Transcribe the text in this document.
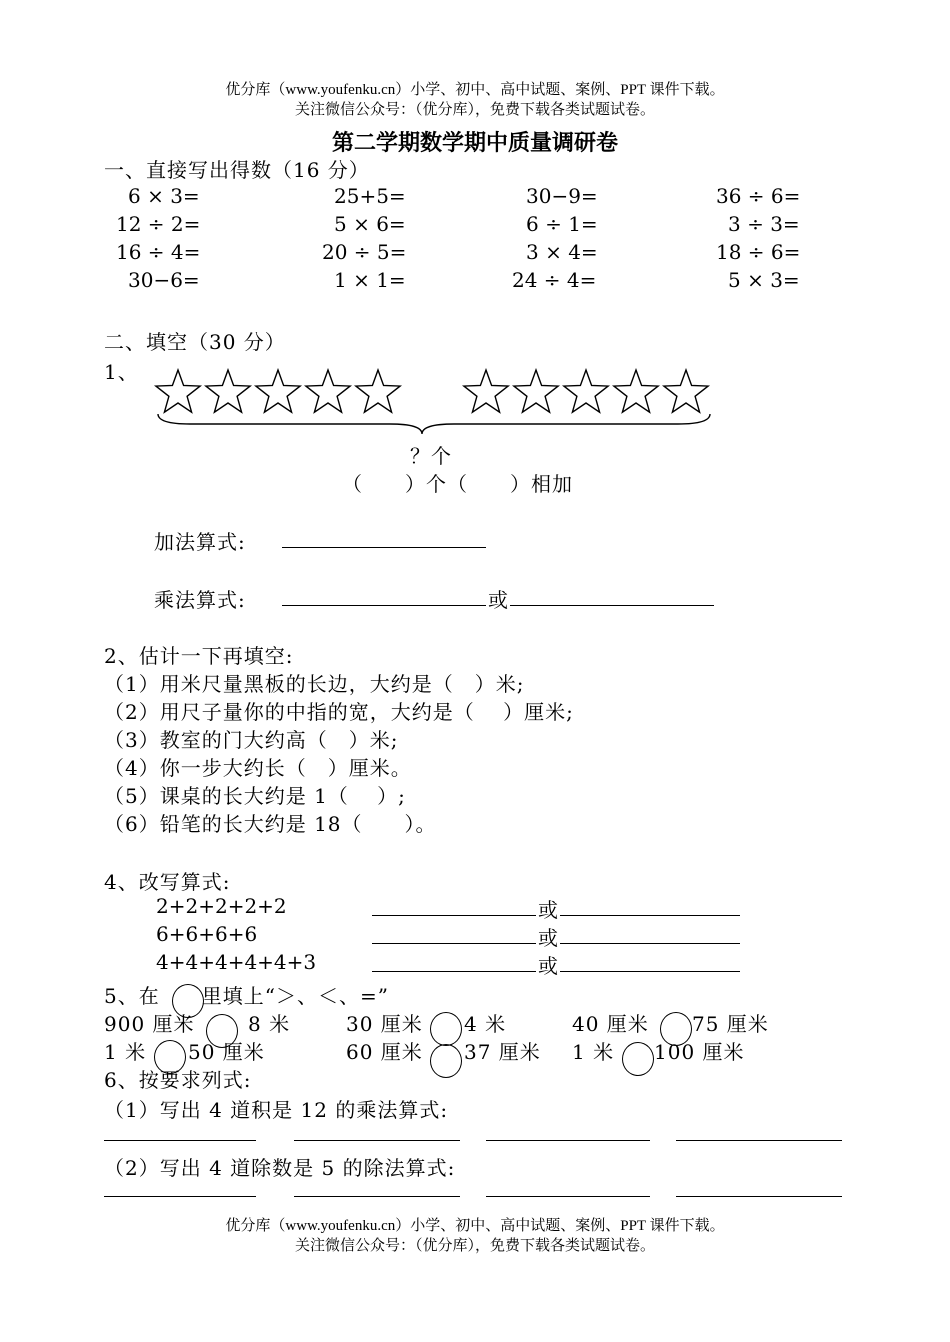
优分库（www.youfenku.cn）小学、初中、高中试题、案例、PPT 课件下载。
关注微信公众号：（优分库），免费下载各类试题试卷。
第二学期数学期中质量调研卷
一、直接写出得数（16 分）
6 × 3=	25+5=	30−9=	36 ÷ 6=
12 ÷ 2=	5 × 6=	6 ÷ 1=	3 ÷ 3=
16 ÷ 4=	20 ÷ 5=	3 × 4=	18 ÷ 6=
30−6=	1 × 1=	24 ÷ 4=	5 × 3=
二、填空（30 分）
1、
？个
（　　）个（　　）相加
加法算式:
乘法算式:	或
2、估计一下再填空:
（1）用米尺量黑板的长边，大约是（　）米;
（2）用尺子量你的中指的宽，大约是（　 ）厘米;
（3）教室的门大约高（　）米;
（4）你一步大约长（　）厘米。
（5）课桌的长大约是 1（　 ）;
（6）铅笔的长大约是 18（　　）。
4、改写算式:
2+2+2+2+2	或
6+6+6+6	或
4+4+4+4+4+3	或
5、在　　里填上“＞、＜、=”
900 厘米	8 米	30 厘米 4 米	40 厘米 75 厘米
1 米 50 厘米	60 厘米 37 厘米 1 米 100 厘米
6、按要求列式:
（1）写出 4 道积是 12 的乘法算式:
（2）写出 4 道除数是 5 的除法算式:
优分库（www.youfenku.cn）小学、初中、高中试题、案例、PPT 课件下载。
关注微信公众号：（优分库），免费下载各类试题试卷。
